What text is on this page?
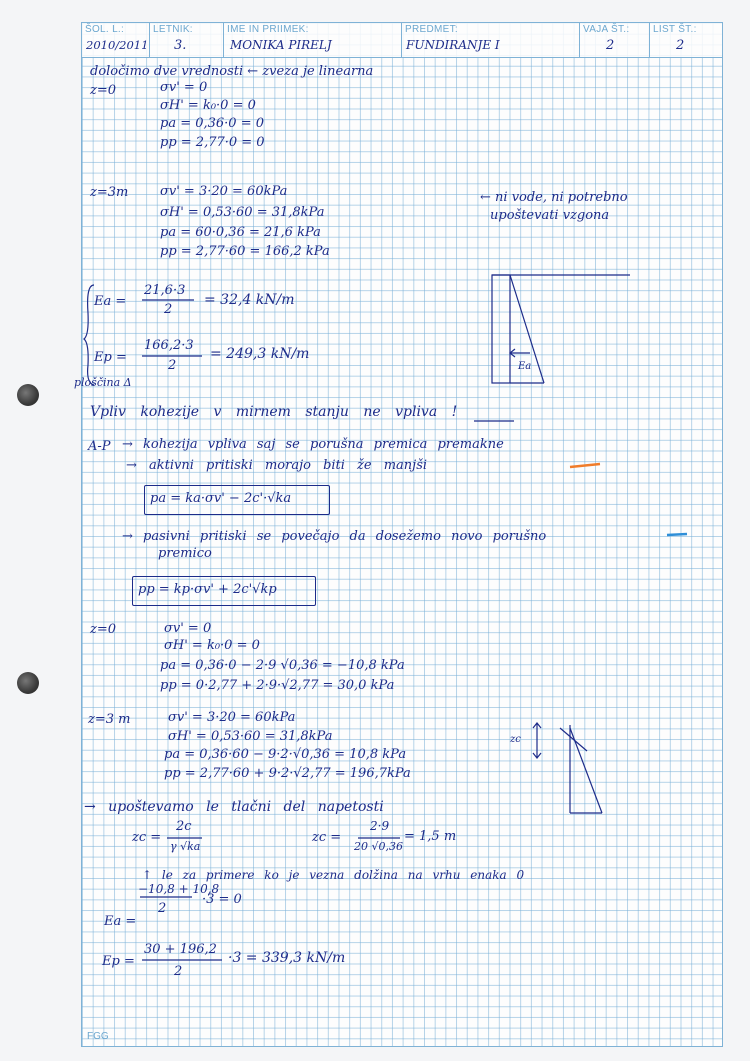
ŠOL. L.:
2010/2011
LETNIK:
3.
IME IN PRIIMEK:
MONIKA PIRELJ
PREDMET:
FUNDIRANJE I
VAJA ŠT.:
2
LIST ŠT.:
2
določimo dve vrednosti ← zveza je linearna
z=0	σv' = 0
σH' = k₀·0 = 0
pa = 0,36·0 = 0
pp = 2,77·0 = 0
z=3m σv' = 3·20 = 60kPa
σH' = 0,53·60 = 31,8kPa
pa = 60·0,36 = 21,6 kPa
pp = 2,77·60 = 166,2 kPa
← ni vode, ni potrebno
upoštevati vzgona
Ea =
21,6·3
2
= 32,4 kN/m
Ep =
166,2·3
2
= 249,3 kN/m
ploščina Δ
Ea
Vpliv kohezije v mirnem stanju ne vpliva !
A-P → kohezija vpliva saj se porušna premica premakne
→ aktivni pritiski morajo biti že manjši
pa = ka·σv' − 2c'·√ka
→ pasivni pritiski se povečajo da dosežemo novo porušno
premico
pp = kp·σv' + 2c'√kp
z=0	σv' = 0
σH' = k₀·0 = 0
pa = 0,36·0 − 2·9 √0,36 = −10,8 kPa
pp = 0·2,77 + 2·9·√2,77 = 30,0 kPa
z=3 m	σv' = 3·20 = 60kPa
σH' = 0,53·60 = 31,8kPa
pa = 0,36·60 − 9·2·√0,36 = 10,8 kPa
pp = 2,77·60 + 9·2·√2,77 = 196,7kPa
zc
→ upoštevamo le tlačni del napetosti
zc =
2c
γ √ka
zc =
2·9
20 √0,36
= 1,5 m
↑ le za primere ko je vezna dolžina na vrhu enaka 0
Ea =
−10,8 + 10,8
2
·3 = 0
Ep =
30 + 196,2
2
·3 = 339,3 kN/m
FGG
